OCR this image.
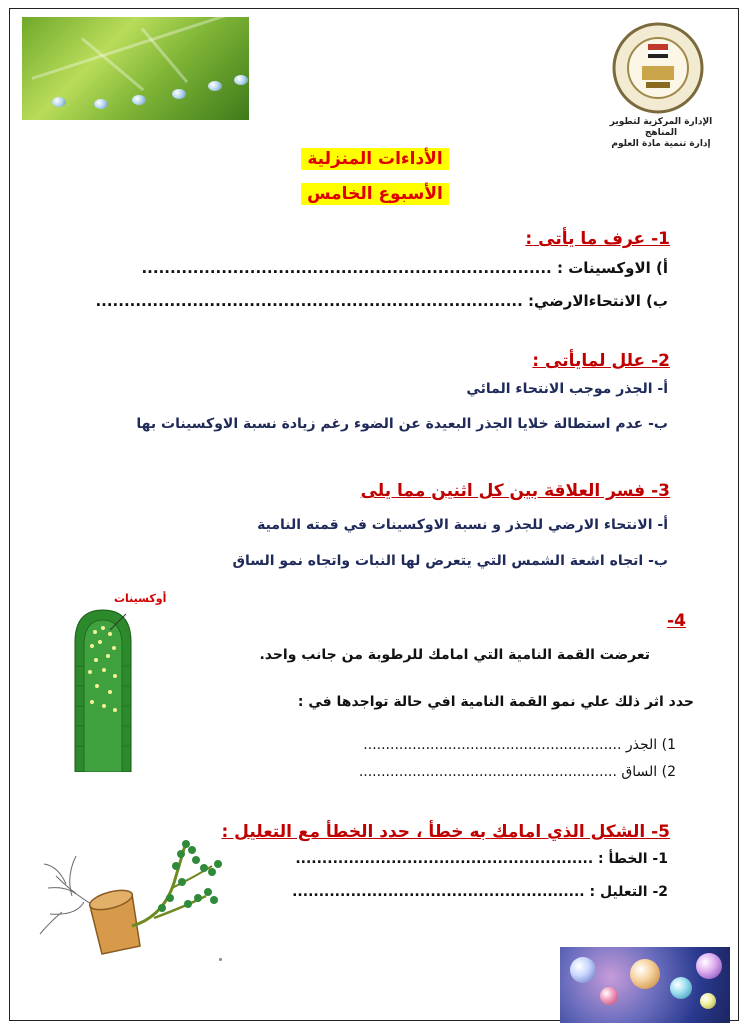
الإدارة المركزية لتطوير المناهج
إدارة تنمية مادة العلوم
الأداءات المنزلية
الأسبوع الخامس
1- عرف ما يأتى :
أ) الاوكسينات : ........................................................................
ب) الانتحاءالارضي: ...........................................................................
2- علل لمايأتى :
أ- الجذر موجب الانتحاء المائي
ب- عدم استطالة خلايا الجذر البعيدة عن الضوء رغم زيادة نسبة الاوكسينات بها
3- فسر العلاقة بين كل اثنين مما يلى
أ- الانتحاء الارضي للجذر و نسبة الاوكسينات في قمته النامية
ب- اتجاه اشعة الشمس التي يتعرض لها النبات واتجاه نمو الساق
4-
تعرضت القمة النامية التي امامك للرطوبة من جانب واحد.
حدد اثر ذلك علي نمو القمة النامية افي حالة تواجدها في :
1) الجذر ..........................................................
2) الساق ..........................................................
أوكسينات
5- الشكل الذي امامك به خطأ ، حدد الخطأ مع التعليل :
1- الخطأ : ........................................................
2- التعليل : .......................................................
